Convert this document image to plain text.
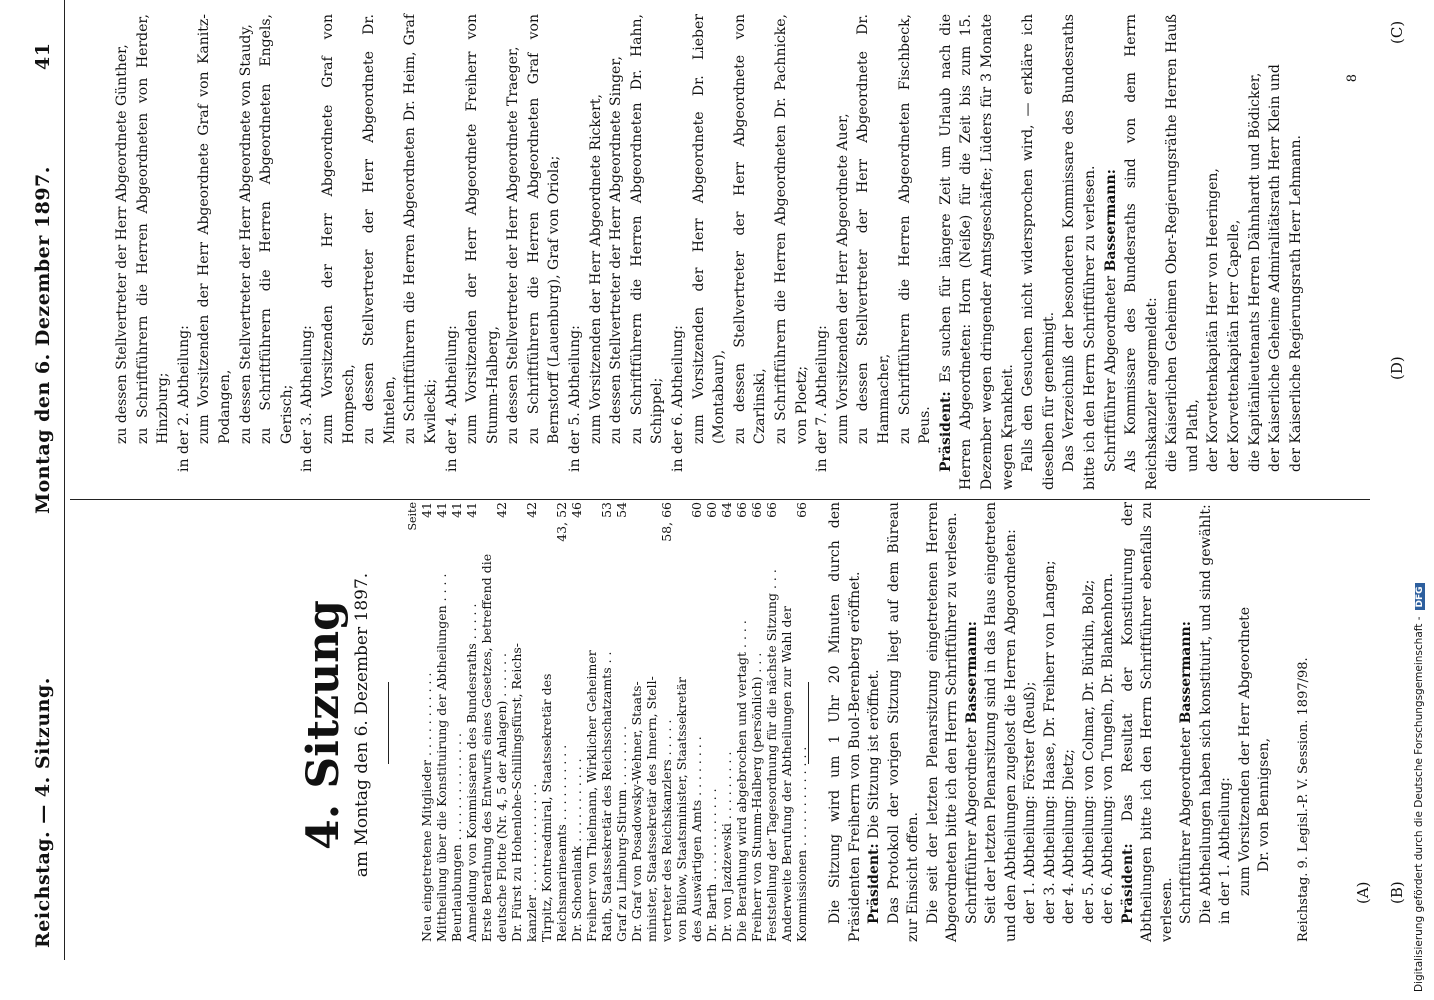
Reichstag. — 4. Sitzung.
Montag den 6. Dezember 1897.
41
(A) (B)
(C)
(D)
4. Sitzung am Montag den 6. Dezember 1897.
Seite
Neu eingetretene Mitglieder . . . . . . . . . . .
41
Mittheilung über die Konstituirung der Abtheilungen . . . .
41
Beurlaubungen . . . . . . . . . . . . . .
41
Anmeldung von Kommissaren des Bundesraths . . . . .
41
Erste Berathung des Entwurfs eines Gesetzes, betreffend die deutsche Flotte (Nr. 4, 5 der Anlagen) . . . . . .
42
Dr. Fürst zu Hohenlohe-Schillingsfürst, Reichs- kanzler . . . . . . . . . . . . . .
42
Tirpitz, Kontreadmiral, Staatssekretär des Reichsmarineamts . . . . . . . . . .
43, 52
Dr. Schoenlank . . . . . . . . . . .
46
Freiherr von Thielmann, Wirklicher Geheimer Rath, Staatssekretär des Reichsschatzamts . .
53
Graf zu Limburg-Stirum . . . . . . . .
54
Dr. Graf von Posadowsky-Wehner, Staats- minister, Staatssekretär des Innern, Stell- vertreter des Reichskanzlers . . . . .
58, 66
von Bülow, Staatsminister, Staatssekretär des Auswärtigen Amts . . . . . . . .
60
Dr. Barth . . . . . . . . . . . .
60
Dr. von Jazdzewski . . . . . . . . .
64
Die Berathung wird abgebrochen und vertagt . . . .
66
Freiherr von Stumm-Halberg (persönlich) . . .
66
Feststellung der Tagesordnung für die nächste Sitzung . . .
66
Anderweite Berufung der Abtheilungen zur Wahl der Kommissionen . . . . . . . . . . . . .
66 Die Sitzung wird um 1 Uhr 20 Minuten durch den Präsidenten Freiherrn von Buol-Berenberg eröffnet. Präsident: Die Sitzung ist eröffnet. Das Protokoll der vorigen Sitzung liegt auf dem Büreau zur Einsicht offen. Die seit der letzten Plenarsitzung eingetretenen Herren Abgeordneten bitte ich den Herrn Schriftführer zu verlesen. Schriftführer Abgeordneter Bassermann: Seit der letzten Plenarsitzung sind in das Haus eingetreten und den Abtheilungen zugelost die Herren Abgeordneten: der 1. Abtheilung: Förster (Reuß); der 3. Abtheilung: Haase, Dr. Freiherr von Langen; der 4. Abtheilung: Dietz; der 5. Abtheilung: von Colmar, Dr. Bürklin, Bolz; der 6. Abtheilung: von Tungeln, Dr. Blankenhorn. Präsident: Das Resultat der Konstituirung der Abtheilungen bitte ich den Herrn Schriftführer ebenfalls zu verlesen. Schriftführer Abgeordneter Bassermann: Die Abtheilungen haben sich konstituirt, und sind gewählt: in der 1. Abtheilung: zum Vorsitzenden der Herr Abgeordnete Dr. von Bennigsen, Reichstag. 9. Legisl.-P. V. Session. 1897/98.

zu dessen Stellvertreter der Herr Abgeordnete Günther, zu Schriftführern die Herren Abgeordneten von Herder, Hinzburg; in der 2. Abtheilung: zum Vorsitzenden der Herr Abgeordnete Graf von Kanitz-Podangen, zu dessen Stellvertreter der Herr Abgeordnete von Staudy, zu Schriftführern die Herren Abgeordneten Engels, Gerisch; in der 3. Abtheilung: zum Vorsitzenden der Herr Abgeordnete Graf von Hompesch, zu dessen Stellvertreter der Herr Abgeordnete Dr. Mintelen, zu Schriftführern die Herren Abgeordneten Dr. Heim, Graf Kwilecki; in der 4. Abtheilung: zum Vorsitzenden der Herr Abgeordnete Freiherr von Stumm-Halberg, zu dessen Stellvertreter der Herr Abgeordnete Traeger, zu Schriftführern die Herren Abgeordneten Graf von Bernstorff (Lauenburg), Graf von Oriola; in der 5. Abtheilung: zum Vorsitzenden der Herr Abgeordnete Rickert, zu dessen Stellvertreter der Herr Abgeordnete Singer, zu Schriftführern die Herren Abgeordneten Dr. Hahn, Schippel; in der 6. Abtheilung: zum Vorsitzenden der Herr Abgeordnete Dr. Lieber (Montabaur), zu dessen Stellvertreter der Herr Abgeordnete von Czarlinski, zu Schriftführern die Herren Abgeordneten Dr. Pachnicke, von Ploetz; in der 7. Abtheilung: zum Vorsitzenden der Herr Abgeordnete Auer, zu dessen Stellvertreter der Herr Abgeordnete Dr. Hammacher, zu Schriftführern die Herren Abgeordneten Fischbeck, Peus. Präsident: Es suchen für längere Zeit um Urlaub nach die Herren Abgeordneten: Horn (Neiße) für die Zeit bis zum 15. Dezember wegen dringender Amtsgeschäfte; Lüders für 3 Monate wegen Krankheit. Falls den Gesuchen nicht widersprochen wird, — erkläre ich dieselben für genehmigt. Das Verzeichniß der besonderen Kommissare des Bundesraths bitte ich den Herrn Schriftführer zu verlesen. Schriftführer Abgeordneter Bassermann: Als Kommissare des Bundesraths sind von dem Herrn Reichskanzler angemeldet: die Kaiserlichen Geheimen Ober-Regierungsräthe Herren Hauß und Plath, der Korvettenkapitän Herr von Heeringen, der Korvettenkapitän Herr Capelle, die Kapitänlieutenants Herren Dähnhardt und Bödicker, der Kaiserliche Geheime Admiralitätsrath Herr Klein und der Kaiserliche Regierungsrath Herr Lehmann.

8
Digitalisierung gefördert durch die Deutsche Forschungsgemeinschaft -DFG
